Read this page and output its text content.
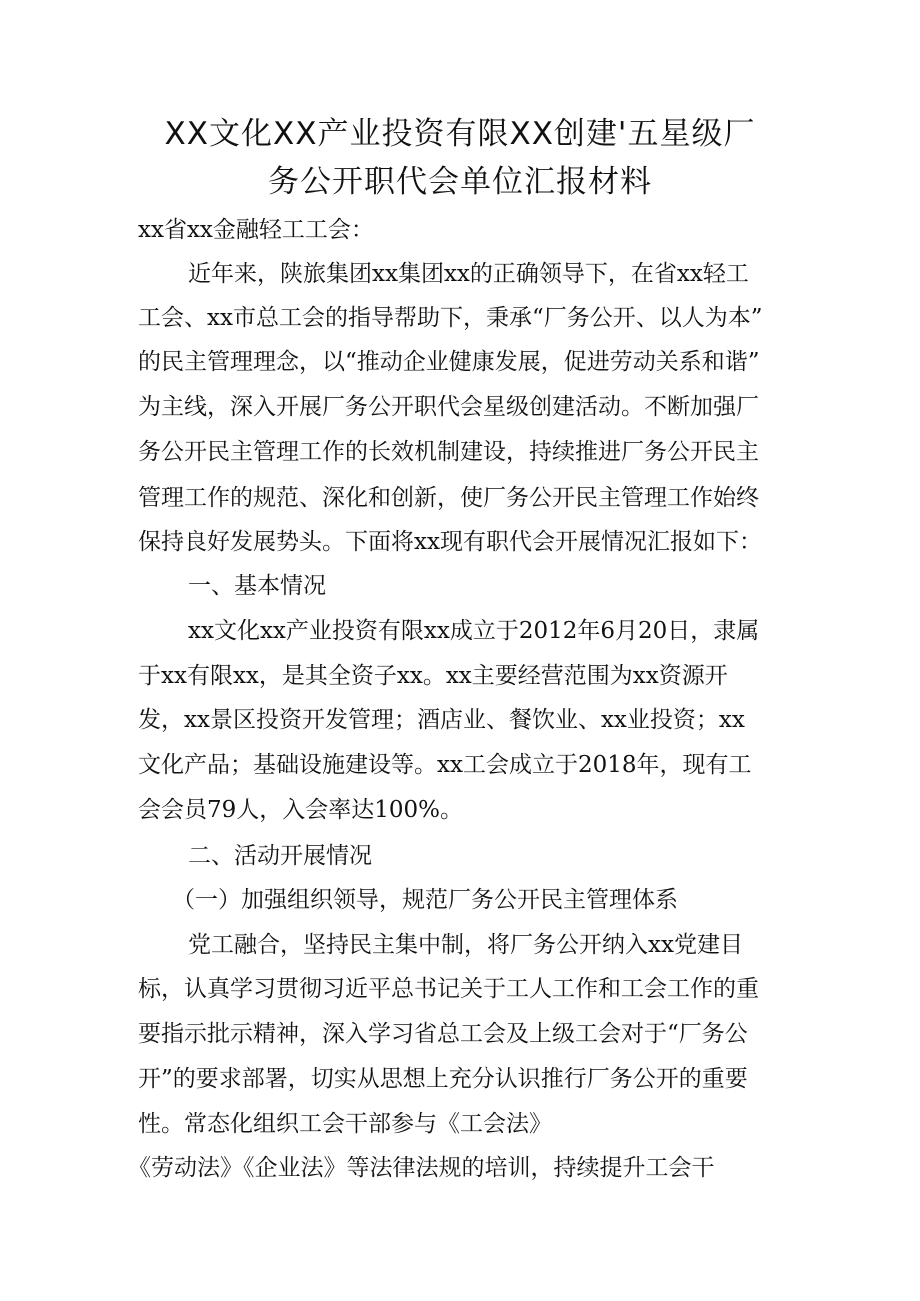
XX文化XX产业投资有限XX创建'五星级厂
务公开职代会单位汇报材料
xx省xx金融轻工工会：
近年来，陕旅集团xx集团xx的正确领导下，在省xx轻工
工会、xx市总工会的指导帮助下，秉承“厂务公开、以人为本”
的民主管理理念，以“推动企业健康发展，促进劳动关系和谐”
为主线，深入开展厂务公开职代会星级创建活动。不断加强厂
务公开民主管理工作的长效机制建设，持续推进厂务公开民主
管理工作的规范、深化和创新，使厂务公开民主管理工作始终
保持良好发展势头。下面将xx现有职代会开展情况汇报如下：
一、基本情况
xx文化xx产业投资有限xx成立于2012年6月20日，隶属
于xx有限xx，是其全资子xx。xx主要经营范围为xx资源开
发，xx景区投资开发管理；酒店业、餐饮业、xx业投资；xx
文化产品；基础设施建设等。xx工会成立于2018年，现有工
会会员79人，入会率达100%。
二、活动开展情况
（一）加强组织领导，规范厂务公开民主管理体系
党工融合，坚持民主集中制，将厂务公开纳入xx党建目
标，认真学习贯彻习近平总书记关于工人工作和工会工作的重
要指示批示精神，深入学习省总工会及上级工会对于“厂务公
开”的要求部署，切实从思想上充分认识推行厂务公开的重要
性。常态化组织工会干部参与《工会法》
《劳动法》《企业法》等法律法规的培训，持续提升工会干
